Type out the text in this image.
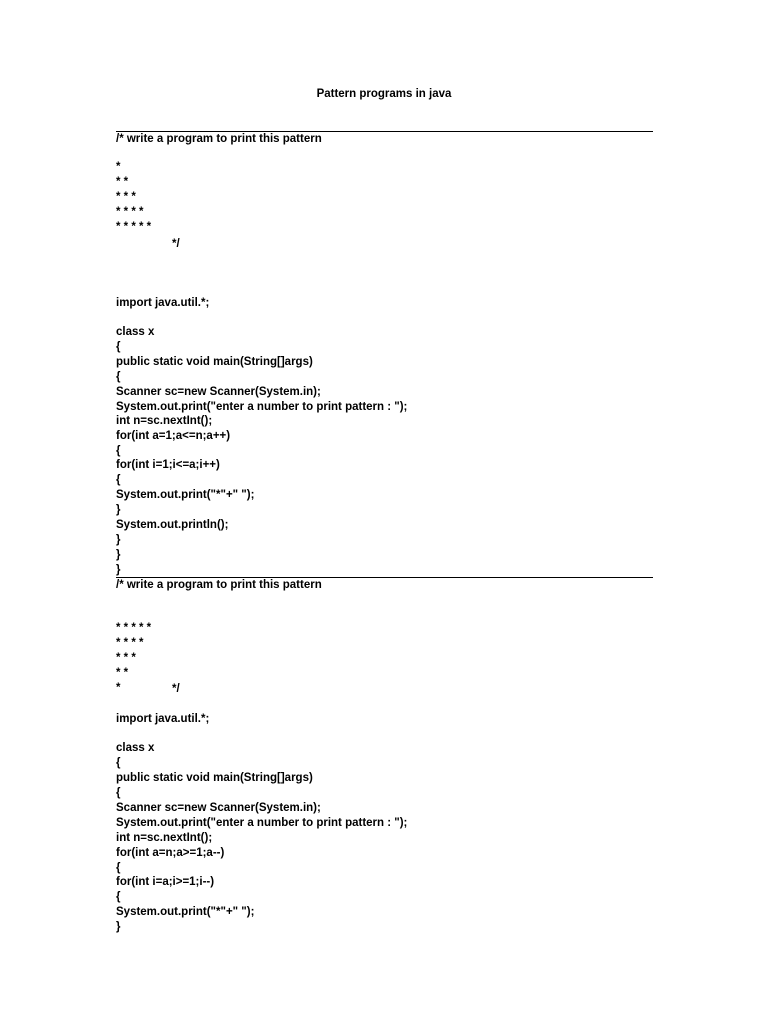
Pattern programs in java
/* write a program to print this pattern
*
* *
* * *
* * * *
* * * * *
*/
import java.util.*;
class x
{
public static void main(String[]args)
{
Scanner sc=new Scanner(System.in);
System.out.print("enter a number to print pattern : ");
int n=sc.nextInt();
for(int a=1;a<=n;a++)
{
for(int i=1;i<=a;i++)
{
System.out.print("*"+" ");
}
System.out.println();
}
}
}
/* write a program to print this pattern
* * * * *
* * * *
* * *
* *
*	*/
import java.util.*;
class x
{
public static void main(String[]args)
{
Scanner sc=new Scanner(System.in);
System.out.print("enter a number to print pattern : ");
int n=sc.nextInt();
for(int a=n;a>=1;a--)
{
for(int i=a;i>=1;i--)
{
System.out.print("*"+" ");
}
